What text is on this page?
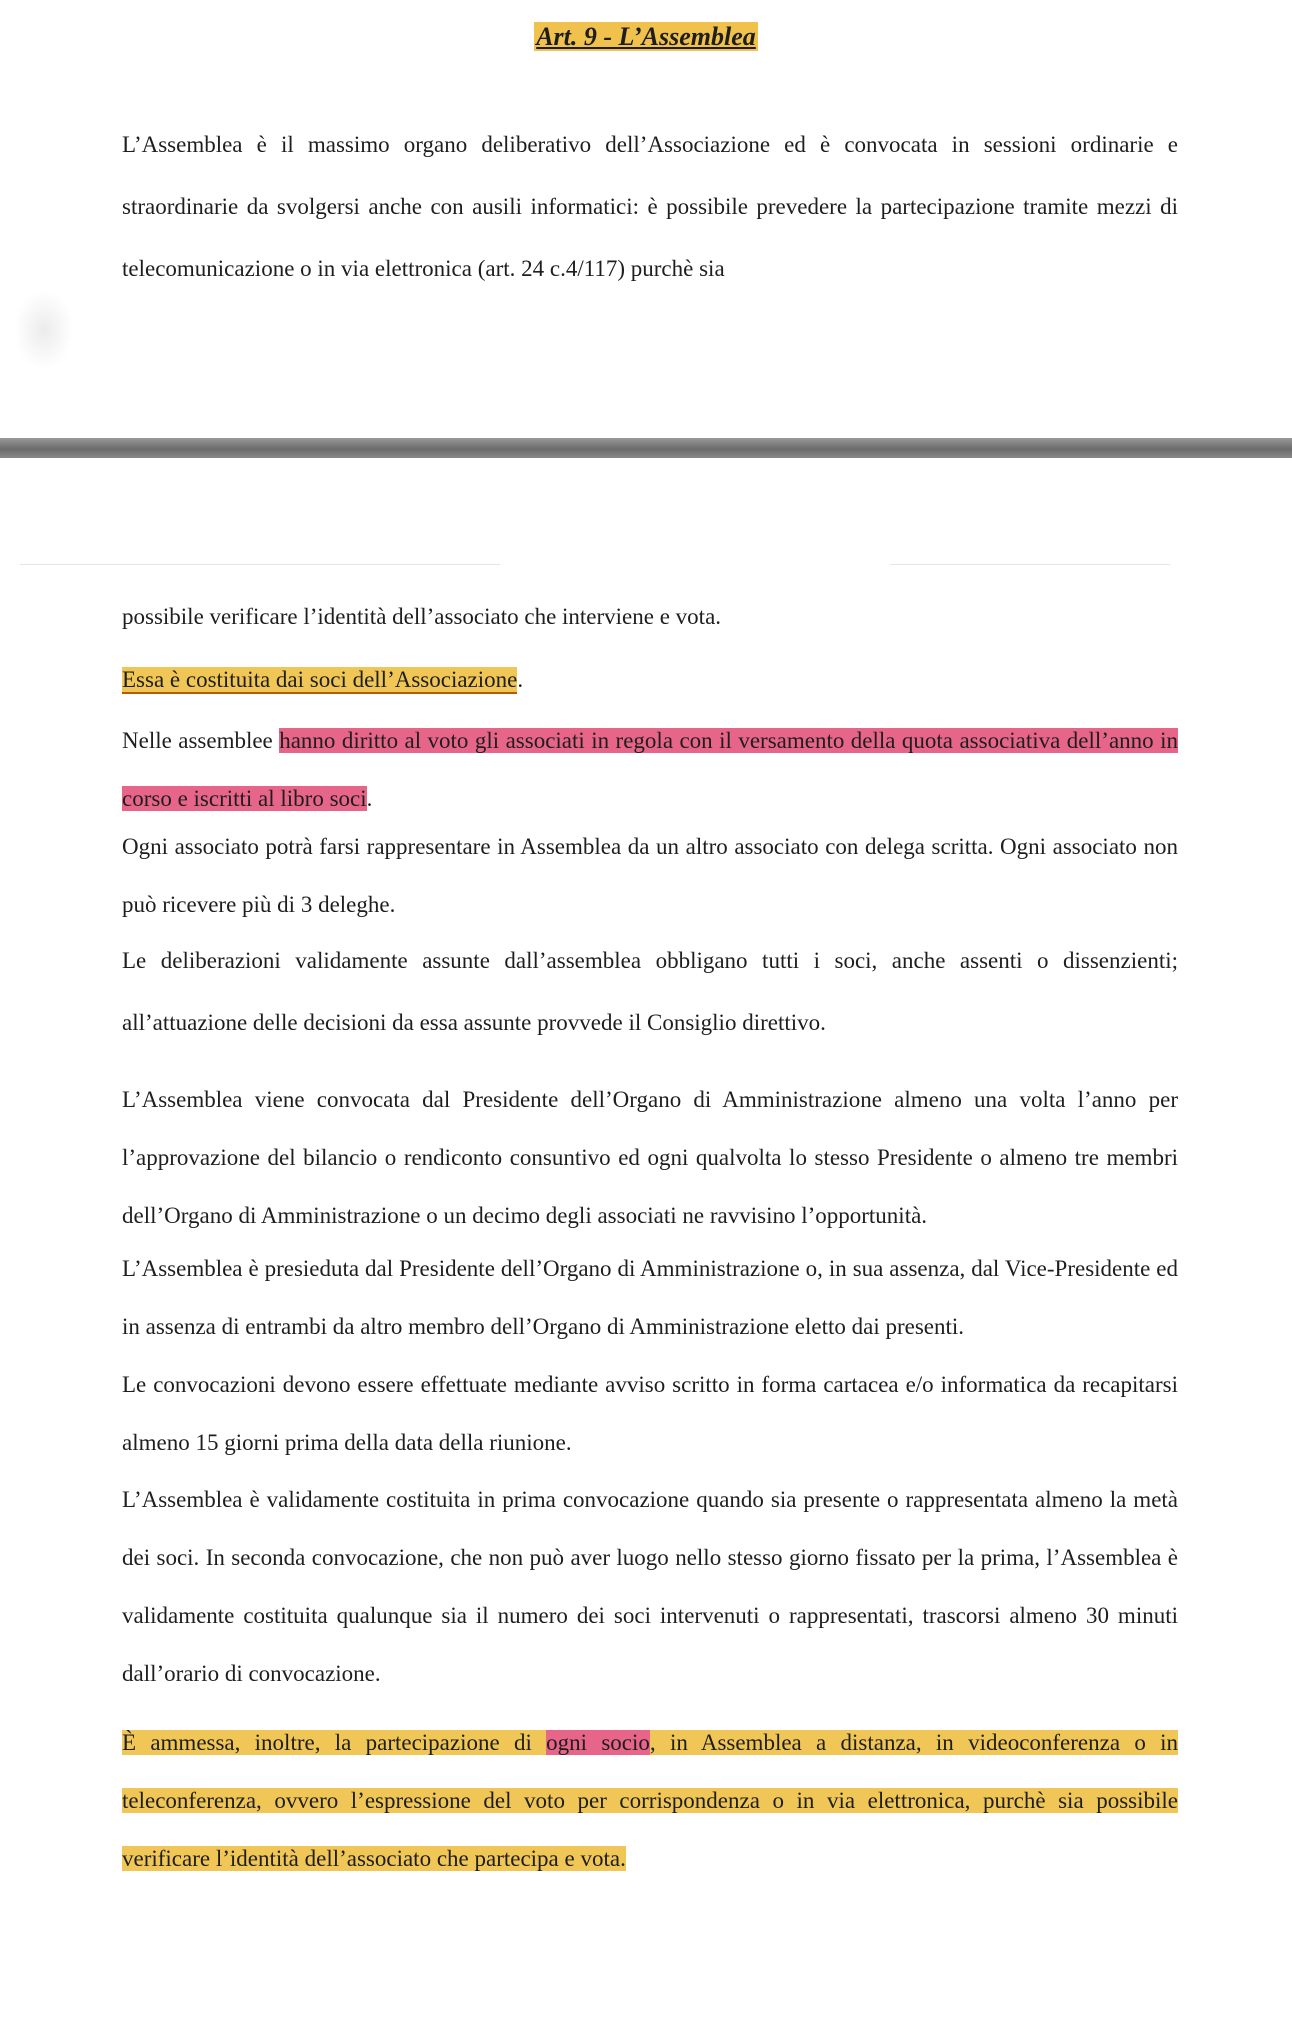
Art. 9 - L’Assemblea

L’Assemblea è il massimo organo deliberativo dell’Associazione ed è convocata in sessioni ordinarie e straordinarie da svolgersi anche con ausili informatici: è possibile prevedere la partecipazione tramite mezzi di telecomunicazione o in via elettronica (art. 24 c.4/117) purchè sia

possibile verificare l’identità dell’associato che interviene e vota.

Essa è costituita dai soci dell’Associazione.

Nelle assemblee hanno diritto al voto gli associati in regola con il versamento della quota associativa dell’anno in corso e iscritti al libro soci.

Ogni associato potrà farsi rappresentare in Assemblea da un altro associato con delega scritta. Ogni associato non può ricevere più di 3 deleghe.

Le deliberazioni validamente assunte dall’assemblea obbligano tutti i soci, anche assenti o dissenzienti; all’attuazione delle decisioni da essa assunte provvede il Consiglio direttivo.

L’Assemblea viene convocata dal Presidente dell’Organo di Amministrazione almeno una volta l’anno per l’approvazione del bilancio o rendiconto consuntivo ed ogni qualvolta lo stesso Presidente o almeno tre membri dell’Organo di Amministrazione o un decimo degli associati ne ravvisino l’opportunità.

L’Assemblea è presieduta dal Presidente dell’Organo di Amministrazione o, in sua assenza, dal Vice-Presidente ed in assenza di entrambi da altro membro dell’Organo di Amministrazione eletto dai presenti.

Le convocazioni devono essere effettuate mediante avviso scritto in forma cartacea e/o informatica da recapitarsi almeno 15 giorni prima della data della riunione.

L’Assemblea è validamente costituita in prima convocazione quando sia presente o rappresentata almeno la metà dei soci. In seconda convocazione, che non può aver luogo nello stesso giorno fissato per la prima, l’Assemblea è validamente costituita qualunque sia il numero dei soci intervenuti o rappresentati, trascorsi almeno 30 minuti dall’orario di convocazione.

È ammessa, inoltre, la partecipazione di ogni socio, in Assemblea a distanza, in videoconferenza o in teleconferenza, ovvero l’espressione del voto per corrispondenza o in via elettronica, purchè sia possibile verificare l’identità dell’associato che partecipa e vota.
